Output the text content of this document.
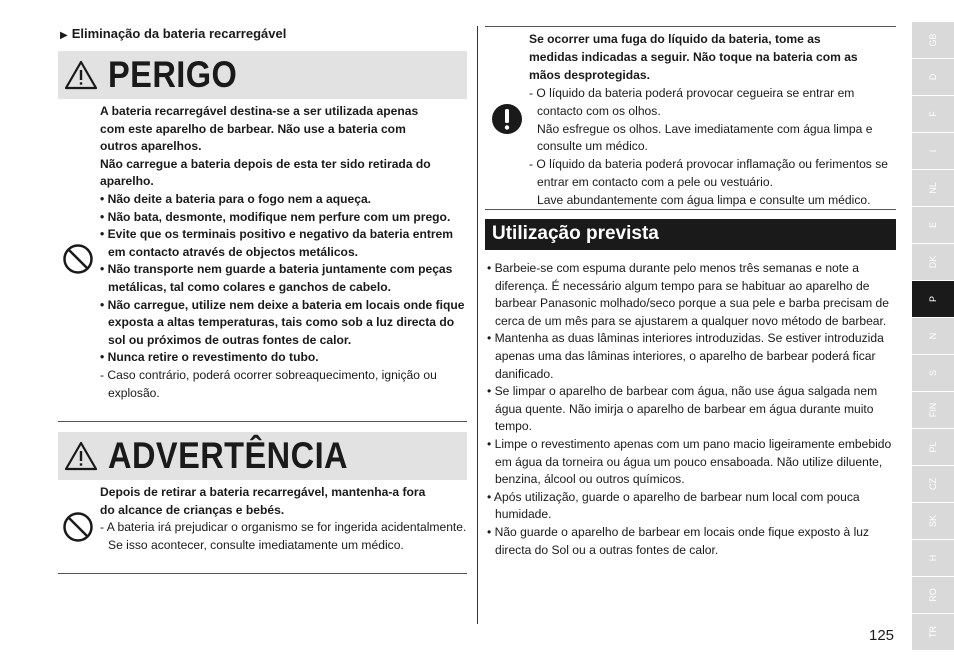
▶ Eliminação da bateria recarregável
PERIGO
A bateria recarregável destina-se a ser utilizada apenas
com este aparelho de barbear. Não use a bateria com
outros aparelhos.
Não carregue a bateria depois de esta ter sido retirada do
aparelho.
• Não deite a bateria para o fogo nem a aqueça.
• Não bata, desmonte, modifique nem perfure com um prego.
• Evite que os terminais positivo e negativo da bateria entrem em contacto através de objectos metálicos.
• Não transporte nem guarde a bateria juntamente com peças metálicas, tal como colares e ganchos de cabelo.
• Não carregue, utilize nem deixe a bateria em locais onde fique exposta a altas temperaturas, tais como sob a luz directa do sol ou próximos de outras fontes de calor.
• Nunca retire o revestimento do tubo.
- Caso contrário, poderá ocorrer sobreaquecimento, ignição ou explosão.
ADVERTÊNCIA
Depois de retirar a bateria recarregável, mantenha-a fora
do alcance de crianças e bebés.
- A bateria irá prejudicar o organismo se for ingerida acidentalmente.
Se isso acontecer, consulte imediatamente um médico.
Se ocorrer uma fuga do líquido da bateria, tome as
medidas indicadas a seguir. Não toque na bateria com as
mãos desprotegidas.
- O líquido da bateria poderá provocar cegueira se entrar em contacto com os olhos.
Não esfregue os olhos. Lave imediatamente com água limpa e consulte um médico.
- O líquido da bateria poderá provocar inflamação ou ferimentos se entrar em contacto com a pele ou vestuário.
Lave abundantemente com água limpa e consulte um médico.
Utilização prevista
• Barbeie-se com espuma durante pelo menos três semanas e note a diferença. É necessário algum tempo para se habituar ao aparelho de barbear Panasonic molhado/seco porque a sua pele e barba precisam de cerca de um mês para se ajustarem a qualquer novo método de barbear.
• Mantenha as duas lâminas interiores introduzidas. Se estiver introduzida apenas uma das lâminas interiores, o aparelho de barbear poderá ficar danificado.
• Se limpar o aparelho de barbear com água, não use água salgada nem água quente. Não imirja o aparelho de barbear em água durante muito tempo.
• Limpe o revestimento apenas com um pano macio ligeiramente embebido em água da torneira ou água um pouco ensaboada. Não utilize diluente, benzina, álcool ou outros químicos.
• Após utilização, guarde o aparelho de barbear num local com pouca humidade.
• Não guarde o aparelho de barbear em locais onde fique exposto à luz directa do Sol ou a outras fontes de calor.
GB
D
F
I
NL
E
DK
P
N
S
FIN
PL
CZ
SK
H
RO
TR
125
